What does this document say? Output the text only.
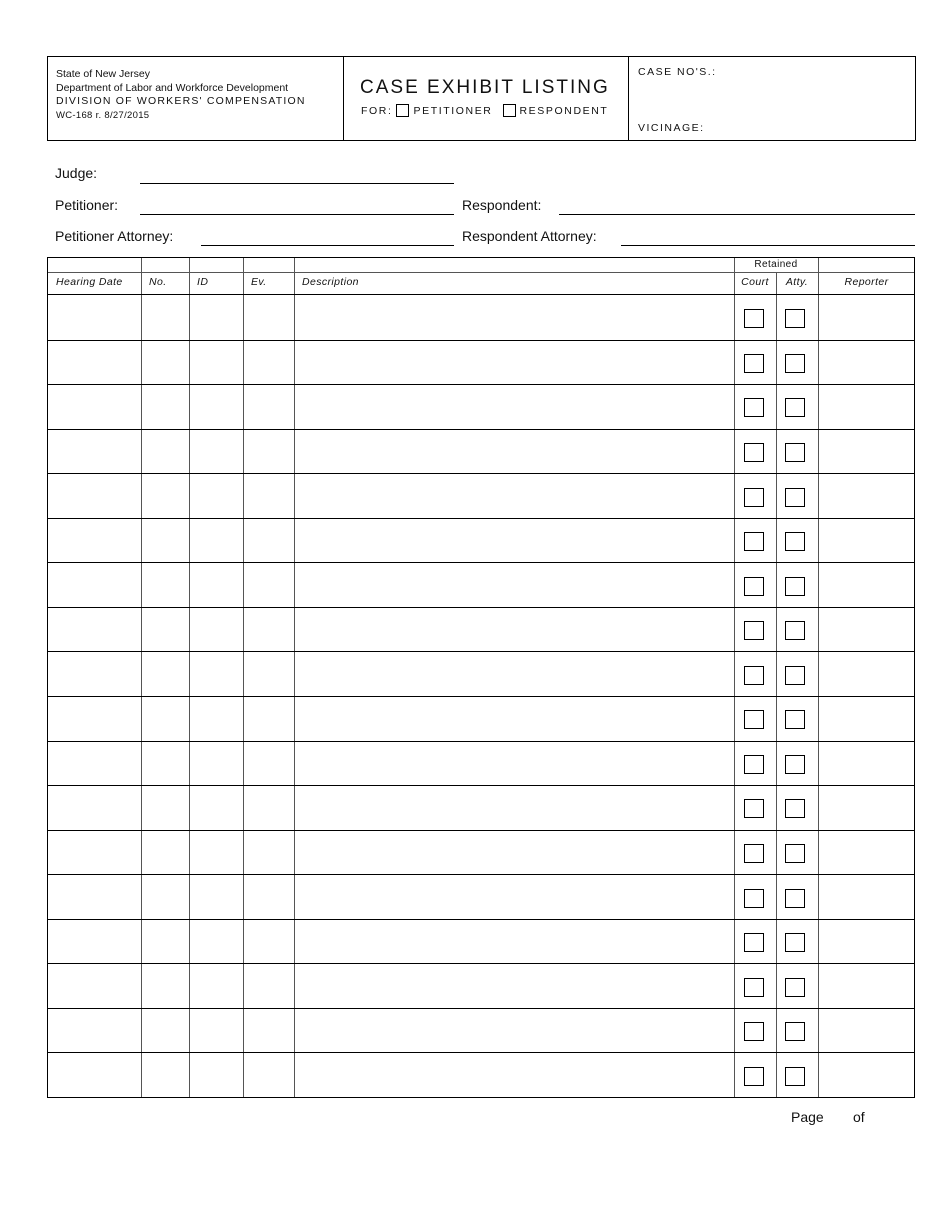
State of New Jersey
Department of Labor and Workforce Development
DIVISION OF WORKERS' COMPENSATION
WC-168 r. 8/27/2015
CASE EXHIBIT LISTING
FOR: PETITIONER	RESPONDENT
CASE NO'S.:
VICINAGE:
Judge:
Petitioner:	Respondent:
Petitioner Attorney:	Respondent Attorney:
Retained
Hearing Date	No.	ID	Ev.	Description	Court	Atty.	Reporter
Page of
